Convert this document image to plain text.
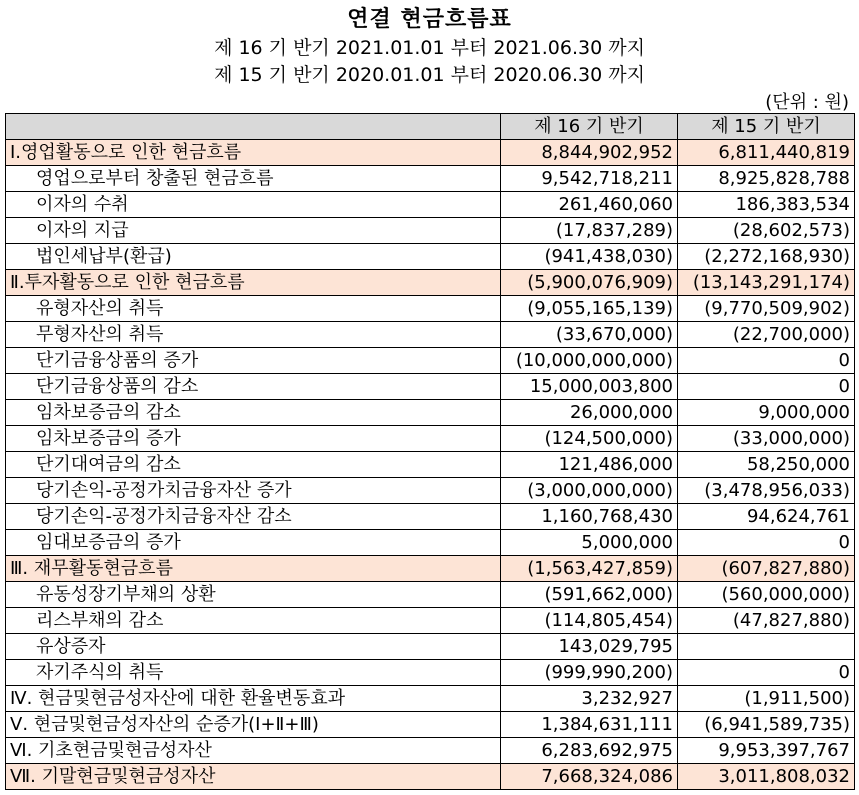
연결 현금흐름표
제 16 기 반기 2021.01.01 부터 2021.06.30 까지
제 15 기 반기 2020.01.01 부터 2020.06.30 까지
(단위 : 원)
	제 16 기 반기	제 15 기 반기
Ⅰ.영업활동으로 인한 현금흐름	8,844,902,952	6,811,440,819
영업으로부터 창출된 현금흐름	9,542,718,211	8,925,828,788
이자의 수취	261,460,060	186,383,534
이자의 지급	(17,837,289)	(28,602,573)
법인세납부(환급)	(941,438,030)	(2,272,168,930)
Ⅱ.투자활동으로 인한 현금흐름	(5,900,076,909)	(13,143,291,174)
유형자산의 취득	(9,055,165,139)	(9,770,509,902)
무형자산의 취득	(33,670,000)	(22,700,000)
단기금융상품의 증가	(10,000,000,000)	0
단기금융상품의 감소	15,000,003,800	0
임차보증금의 감소	26,000,000	9,000,000
임차보증금의 증가	(124,500,000)	(33,000,000)
단기대여금의 감소	121,486,000	58,250,000
당기손익-공정가치금융자산 증가	(3,000,000,000)	(3,478,956,033)
당기손익-공정가치금융자산 감소	1,160,768,430	94,624,761
임대보증금의 증가	5,000,000	0
Ⅲ. 재무활동현금흐름	(1,563,427,859)	(607,827,880)
유동성장기부채의 상환	(591,662,000)	(560,000,000)
리스부채의 감소	(114,805,454)	(47,827,880)
유상증자	143,029,795	
자기주식의 취득	(999,990,200)	0
Ⅳ. 현금및현금성자산에 대한 환율변동효과	3,232,927	(1,911,500)
Ⅴ. 현금및현금성자산의 순증가(Ⅰ+Ⅱ+Ⅲ)	1,384,631,111	(6,941,589,735)
Ⅵ. 기초현금및현금성자산	6,283,692,975	9,953,397,767
Ⅶ. 기말현금및현금성자산	7,668,324,086	3,011,808,032
